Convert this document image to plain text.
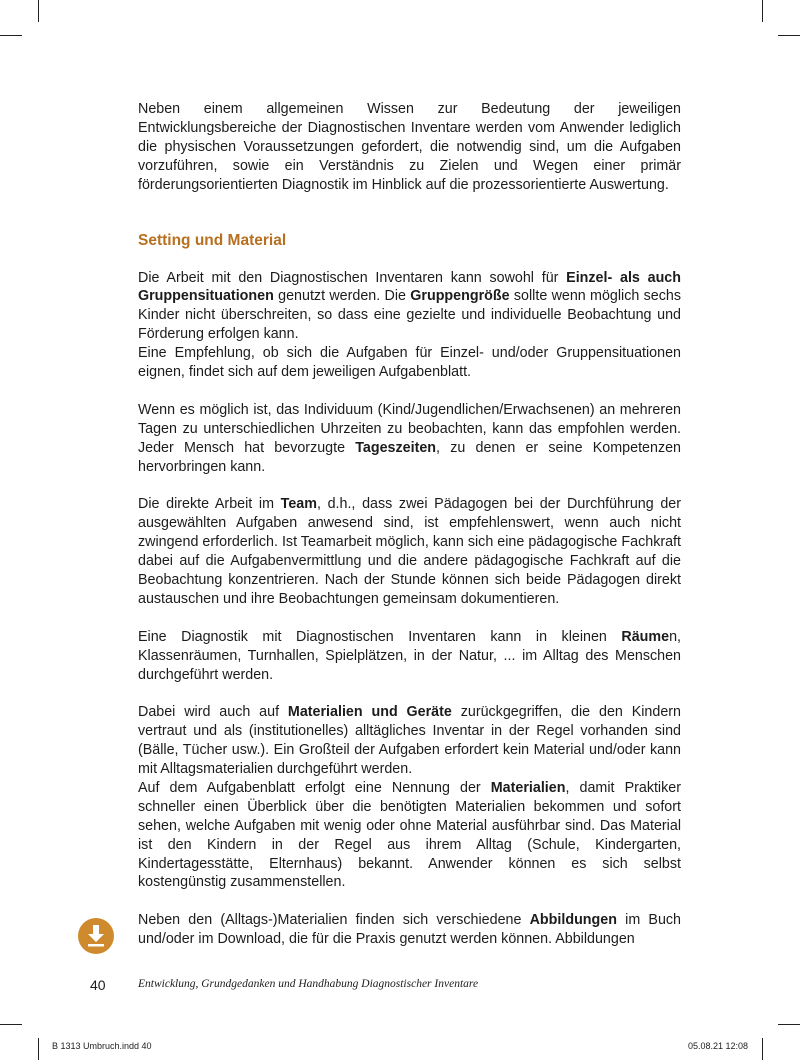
Neben einem allgemeinen Wissen zur Bedeutung der jeweiligen Entwicklungsbereiche der Diagnostischen Inventare werden vom Anwender lediglich die physischen Voraussetzungen gefordert, die notwendig sind, um die Aufgaben vorzuführen, sowie ein Verständnis zu Zielen und Wegen einer primär förderungsorientierten Diagnostik im Hinblick auf die prozessorientierte Auswertung.

Setting und Material

Die Arbeit mit den Diagnostischen Inventaren kann sowohl für Einzel- als auch Gruppensituationen genutzt werden. Die Gruppengröße sollte wenn möglich sechs Kinder nicht überschreiten, so dass eine gezielte und individuelle Beobachtung und Förderung erfolgen kann.

Eine Empfehlung, ob sich die Aufgaben für Einzel- und/oder Gruppensituationen eignen, findet sich auf dem jeweiligen Aufgabenblatt.

Wenn es möglich ist, das Individuum (Kind/Jugendlichen/Erwachsenen) an mehreren Tagen zu unterschiedlichen Uhrzeiten zu beobachten, kann das empfohlen werden. Jeder Mensch hat bevorzugte Tageszeiten, zu denen er seine Kompetenzen hervorbringen kann.

Die direkte Arbeit im Team, d.h., dass zwei Pädagogen bei der Durchführung der ausgewählten Aufgaben anwesend sind, ist empfehlenswert, wenn auch nicht zwingend erforderlich. Ist Teamarbeit möglich, kann sich eine pädagogische Fachkraft dabei auf die Aufgabenvermittlung und die andere pädagogische Fachkraft auf die Beobachtung konzentrieren. Nach der Stunde können sich beide Pädagogen direkt austauschen und ihre Beobachtungen gemeinsam dokumentieren.

Eine Diagnostik mit Diagnostischen Inventaren kann in kleinen Räumen, Klassenräumen, Turnhallen, Spielplätzen, in der Natur, ... im Alltag des Menschen durchgeführt werden.

Dabei wird auch auf Materialien und Geräte zurückgegriffen, die den Kindern vertraut und als (institutionelles) alltägliches Inventar in der Regel vorhanden sind (Bälle, Tücher usw.). Ein Großteil der Aufgaben erfordert kein Material und/oder kann mit Alltagsmaterialien durchgeführt werden.

Auf dem Aufgabenblatt erfolgt eine Nennung der Materialien, damit Praktiker schneller einen Überblick über die benötigten Materialien bekommen und sofort sehen, welche Aufgaben mit wenig oder ohne Material ausführbar sind. Das Material ist den Kindern in der Regel aus ihrem Alltag (Schule, Kindergarten, Kindertagesstätte, Elternhaus) bekannt. Anwender können es sich selbst kostengünstig zusammenstellen.

Neben den (Alltags-)Materialien finden sich verschiedene Abbildungen im Buch und/oder im Download, die für die Praxis genutzt werden können. Abbildungen

40	Entwicklung, Grundgedanken und Handhabung Diagnostischer Inventare
B 1313 Umbruch.indd 40	05.08.21 12:08
